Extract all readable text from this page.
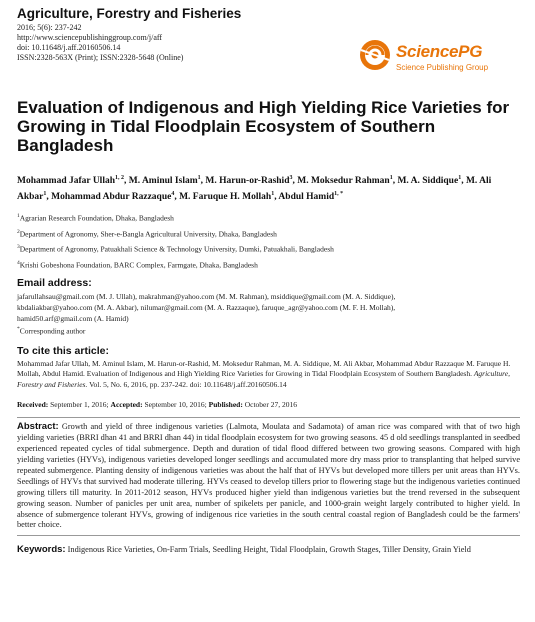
Agriculture, Forestry and Fisheries

2016; 5(6): 237-242
http://www.sciencepublishinggroup.com/j/aff
doi: 10.11648/j.aff.20160506.14
ISSN:2328-563X (Print); ISSN:2328-5648 (Online)	SciencePG
Science Publishing Group
Evaluation of Indigenous and High Yielding Rice Varieties for Growing in Tidal Floodplain Ecosystem of Southern Bangladesh
Mohammad Jafar Ullah$^{1, 2}$, M. Aminul Islam$^1$, M. Harun-or-Rashid$^3$, M. Moksedur Rahman$^1$, M. A. Siddique$^1$, M. Ali Akbar$^1$, Mohammad Abdur Razzaque$^4$, M. Faruque H. Mollah$^1$, Abdul Hamid$^{1, *}$
$^1$Agrarian Research Foundation, Dhaka, Bangladesh
$^2$Department of Agronomy, Sher-e-Bangla Agricultural University, Dhaka, Bangladesh
$^3$Department of Agronomy, Patuakhali Science & Technology University, Dumki, Patuakhali, Bangladesh
$^4$Krishi Gobeshona Foundation, BARC Complex, Farmgate, Dhaka, Bangladesh
Email address:
jafarullahsau@gmail.com (M. J. Ullah), makrahman@yahoo.com (M. M. Rahman), msiddique@gmail.com (M. A. Siddique),
kbdaliakbar@yahoo.com (M. A. Akbar), nilumar@gmail.com (M. A. Razzaque), faruque_agr@yahoo.com (M. F. H. Mollah),
hamid50.arf@gmail.com (A. Hamid)
*Corresponding author
To cite this article:
Mohammad Jafar Ullah, M. Aminul Islam, M. Harun-or-Rashid, M. Moksedur Rahman, M. A. Siddique, M. Ali Akbar, Mohammad Abdur Razzaque M. Faruque H. Mollah, Abdul Hamid. Evaluation of Indigenous and High Yielding Rice Varieties for Growing in Tidal Floodplain Ecosystem of Southern Bangladesh. Agriculture, Forestry and Fisheries. Vol. 5, No. 6, 2016, pp. 237-242. doi: 10.11648/j.aff.20160506.14
Received: September 1, 2016; Accepted: September 10, 2016; Published: October 27, 2016
Abstract: Growth and yield of three indigenous varieties (Lalmota, Moulata and Sadamota) of aman rice was compared with that of two high yielding varieties (BRRI dhan 41 and BRRI dhan 44) in tidal floodplain ecosystem for two growing seasons. 45 d old seedlings transplanted in seedbed experienced repeated cycles of tidal submergence. Depth and duration of tidal flood differed between two growing seasons. Compared with high yielding varieties (HYVs), indigenous varieties developed longer seedlings and accumulated more dry mass prior to transplanting that helped survive repeated submergence. Planting density of indigenous varieties was about the half that of HYVs but developed more tillers per unit areas than HYVs. Seedlings of HYVs that survived had moderate tillering. HYVs ceased to develop tillers prior to flowering stage but the indigenous varieties continued growing tillers till maturity. In 2011-2012 season, HYVs produced higher yield than indigenous varieties but the trend reversed in the subsequent growing season. Number of panicles per unit area, number of spikelets per panicle, and 1000-grain weight largely contributed to higher yield. In absence of submergence tolerant HYVs, growing of indigenous rice varieties in the south central coastal region of Bangladesh could be the farmers' better choice.
Keywords: Indigenous Rice Varieties, On-Farm Trials, Seedling Height, Tidal Floodplain, Growth Stages, Tiller Density, Grain Yield
